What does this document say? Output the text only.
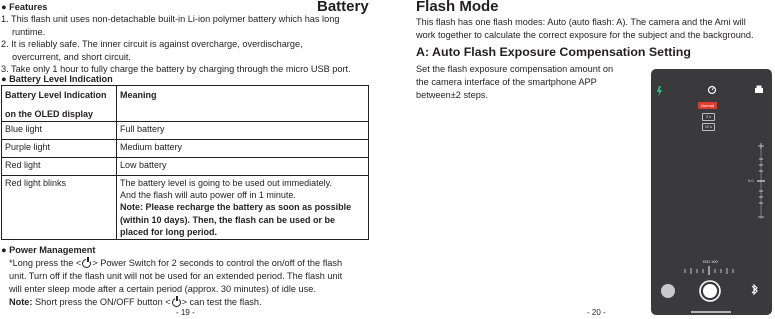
● Features	Battery
1. This flash unit uses non-detachable built-in Li-ion polymer battery which has long
runtime.
2. It is reliably safe. The inner circuit is against overcharge, overdischarge,
overcurrent, and short circuit.
3. Take only 1 hour to fully charge the battery by charging through the micro USB port.
● Battery Level Indication
Battery Level Indication
on the OLED display	Meaning

Blue light	Full battery
Purple light	Medium battery
Red light	Low battery
Red light blinks	The battery level is going to be used out immediately.
And the flash will auto power off in 1 minute.
Note: Please recharge the battery as soon as possible
(within 10 days). Then, the flash can be used or be
placed for long period.
● Power Management
*Long press the < > Power Switch for 2 seconds to control the on/off of the flash
unit. Turn off if the flash unit will not be used for an extended period. The flash unit
will enter sleep mode after a certain period (approx. 30 minutes) of idle use.
Note: Short press the ON/OFF button < > can test the flash.
- 19 -
Flash Mode
This flash has one flash modes: Auto (auto flash: A). The camera and the Ami will
work together to calculate the correct exposure for the subject and the background.
A: Auto Flash Exposure Compensation Setting
Set the flash exposure compensation amount on
the camera interface of the smartphone APP
between±2 steps.
- 20 -
Normal
3 s
10 s
0.0
ISO 100
